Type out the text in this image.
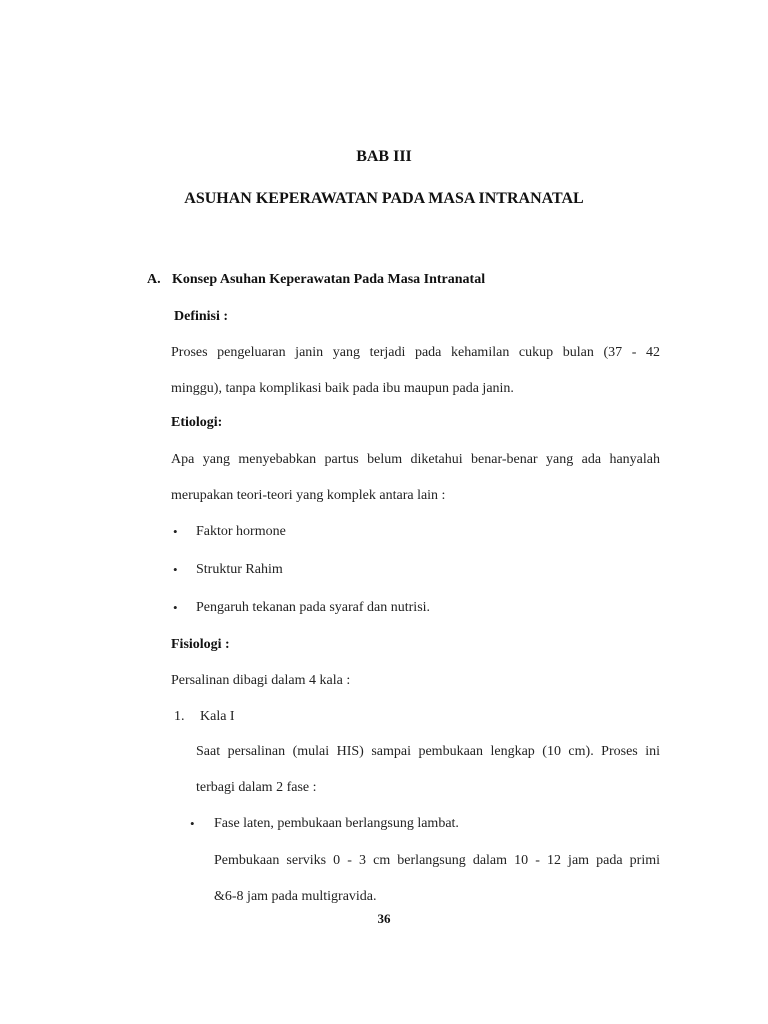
BAB III
ASUHAN KEPERAWATAN PADA MASA INTRANATAL
A. Konsep Asuhan Keperawatan Pada Masa Intranatal
Definisi :
Proses pengeluaran janin yang terjadi pada kehamilan cukup bulan (37 - 42
minggu), tanpa komplikasi baik pada ibu maupun pada janin.
Etiologi:
Apa yang menyebabkan partus belum diketahui benar-benar yang ada hanyalah
merupakan teori-teori yang komplek antara lain :
• Faktor hormone
• Struktur Rahim
• Pengaruh tekanan pada syaraf dan nutrisi.
Fisiologi :
Persalinan dibagi dalam 4 kala :
1. Kala I
Saat persalinan (mulai HIS) sampai pembukaan lengkap (10 cm). Proses ini
terbagi dalam 2 fase :
• Fase laten, pembukaan berlangsung lambat.
Pembukaan serviks 0 - 3 cm berlangsung dalam 10 - 12 jam pada primi
&6-8 jam pada multigravida.
36
